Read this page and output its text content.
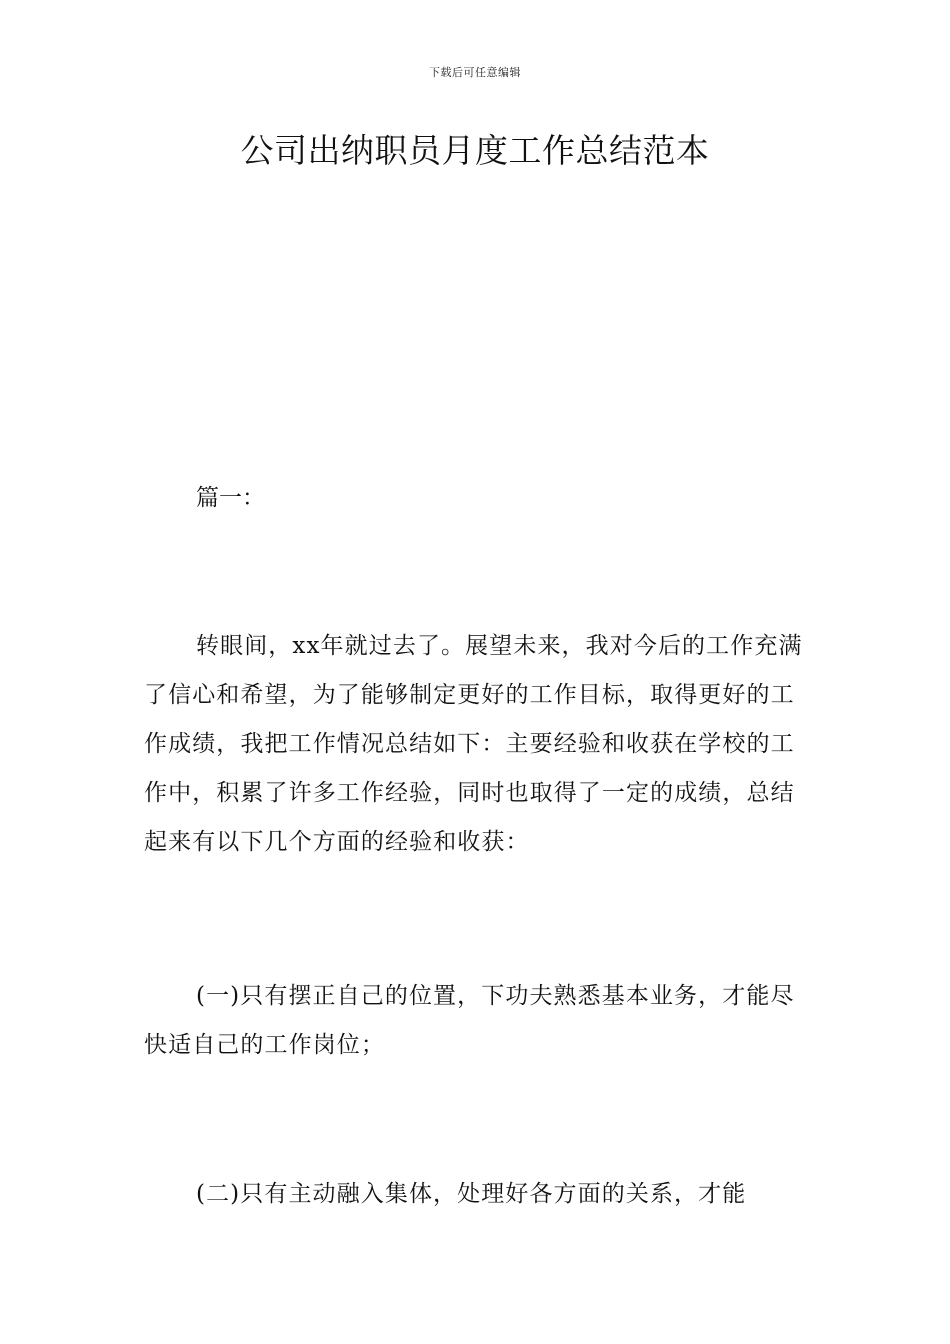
下载后可任意编辑
公司出纳职员月度工作总结范本
篇一：

转眼间，xx年就过去了。展望未来，我对今后的工作充满了信心和希望，为了能够制定更好的工作目标，取得更好的工作成绩，我把工作情况总结如下：主要经验和收获在学校的工作中，积累了许多工作经验，同时也取得了一定的成绩，总结起来有以下几个方面的经验和收获：

(一)只有摆正自己的位置，下功夫熟悉基本业务，才能尽快适自己的工作岗位；

(二)只有主动融入集体，处理好各方面的关系，才能
